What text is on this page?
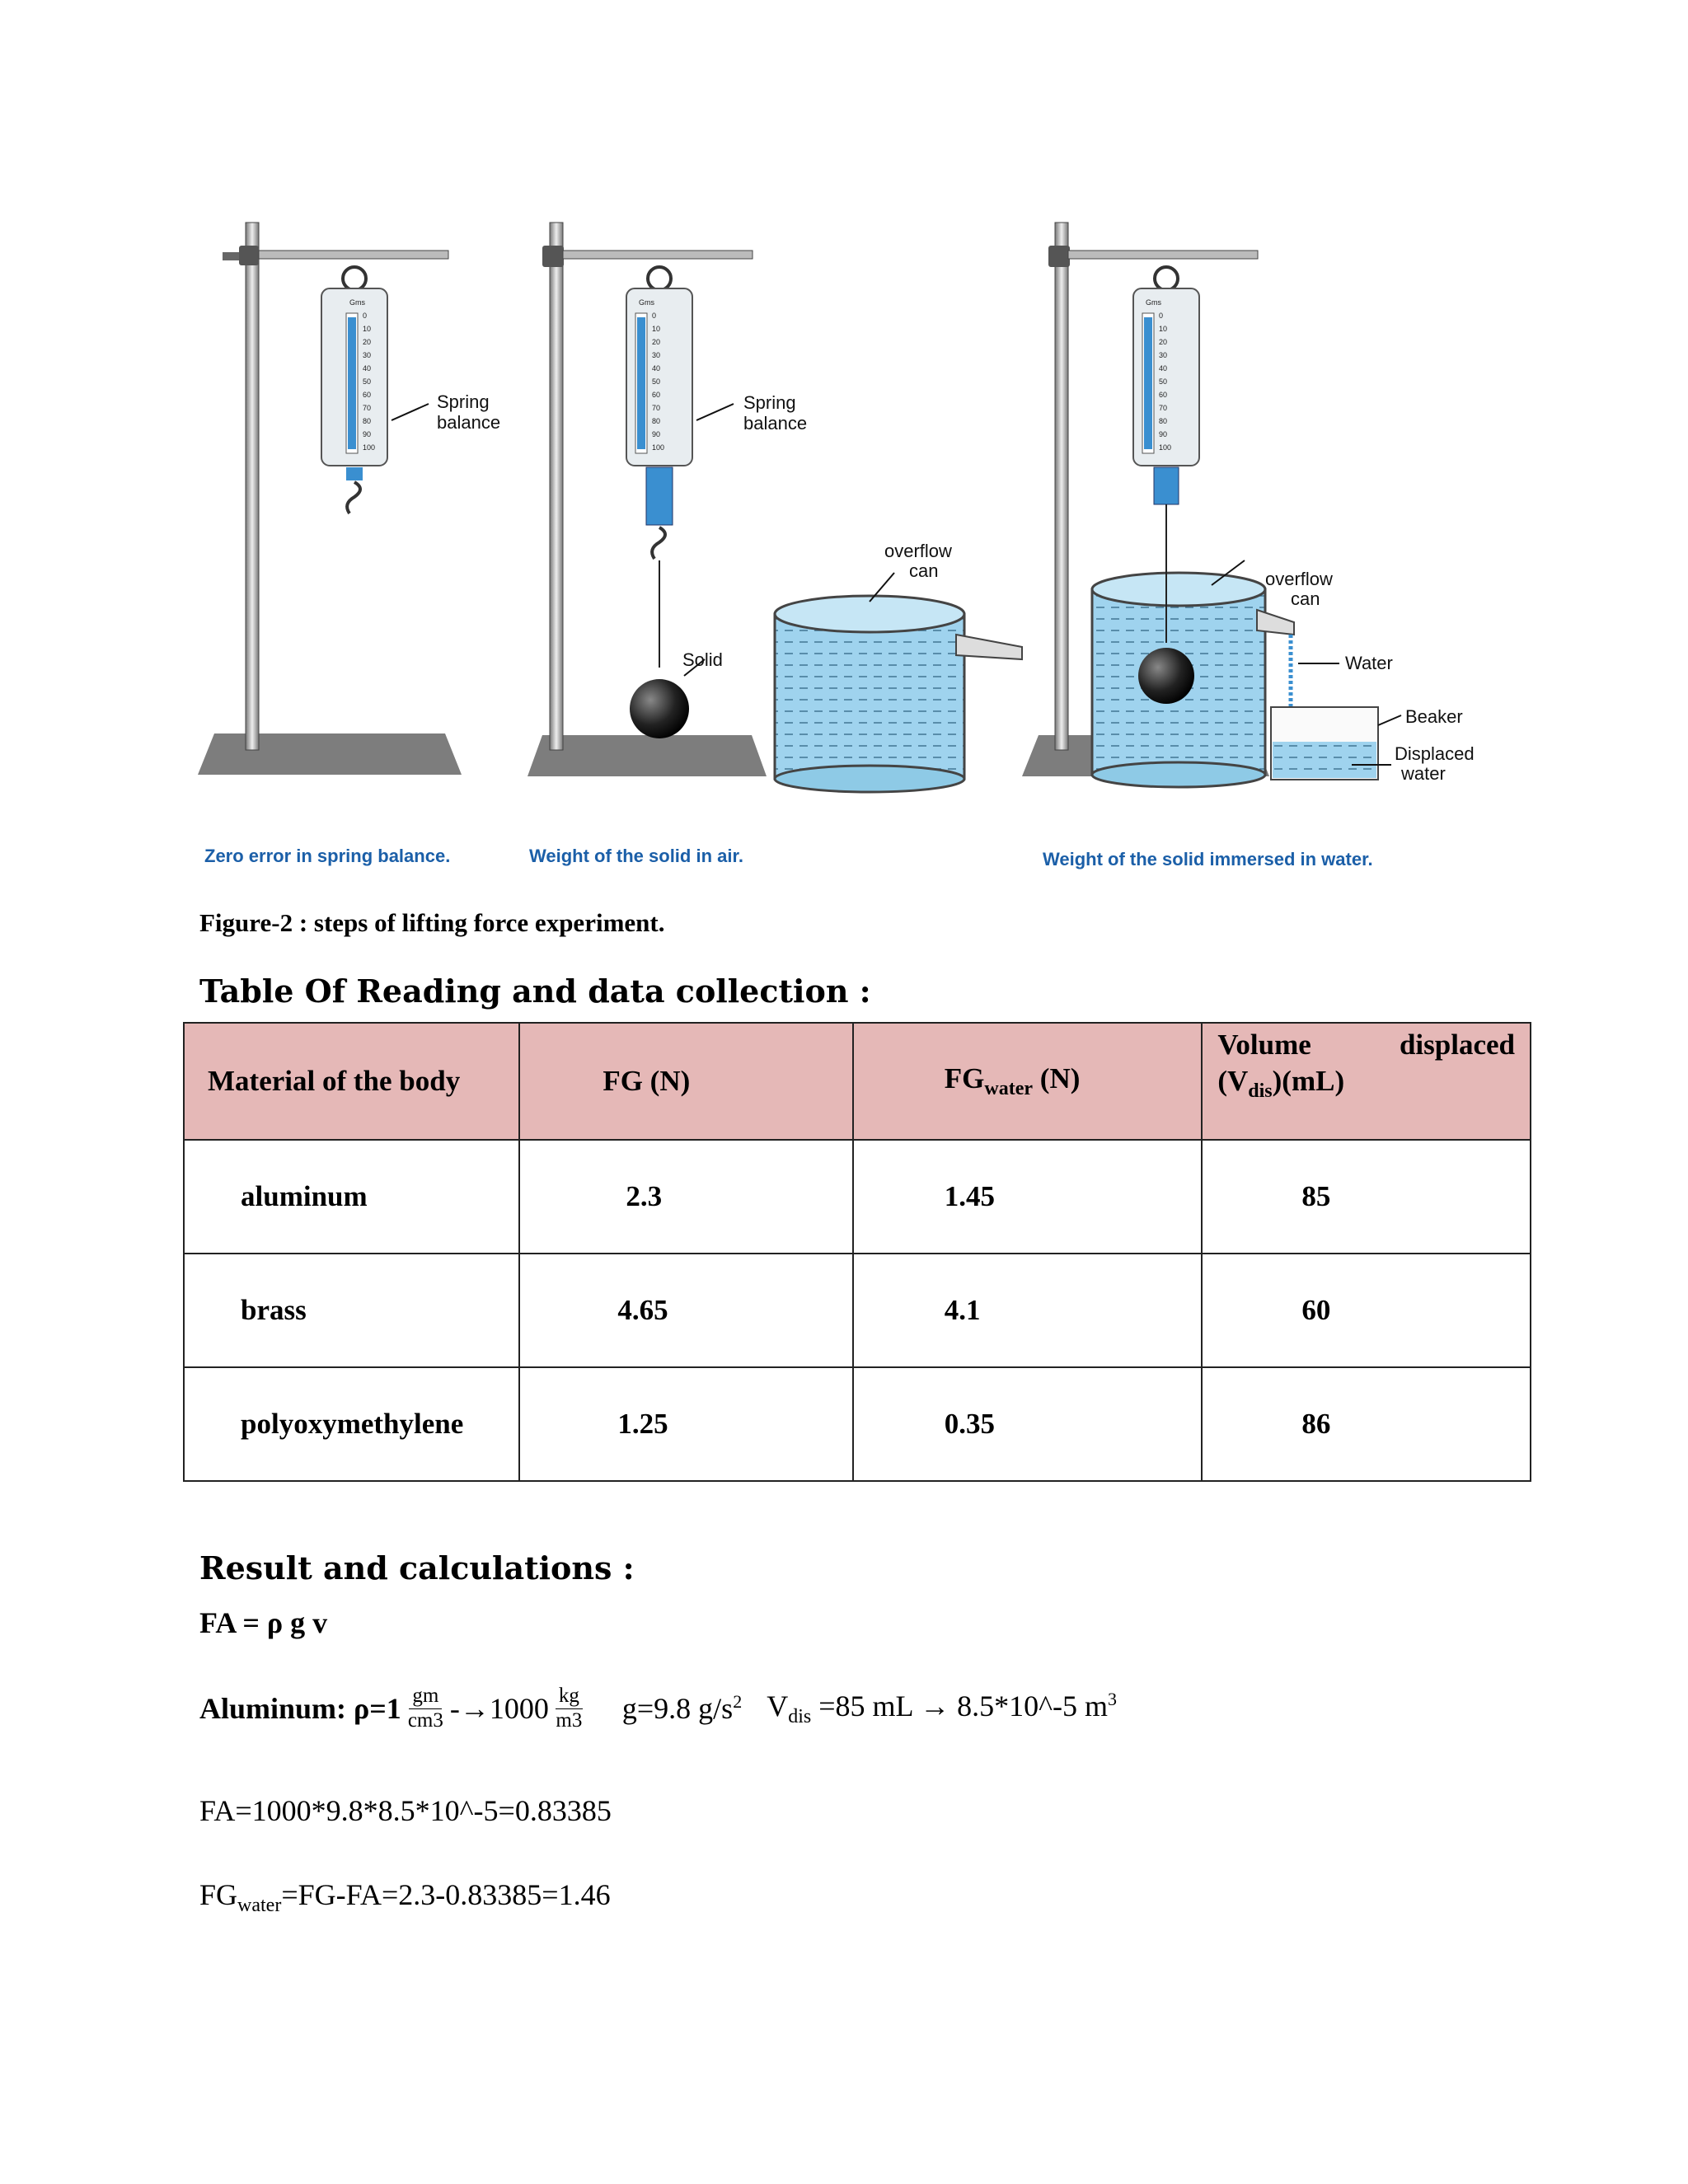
Spring
balance
Zero error in spring balance.
Spring
balance
Solid
Weight of the solid in air.
overflow
can	overflow
can
Water
Beaker
Displaced
water
Weight of the solid immersed in water.
Gms
0
10
20
30
40
50
60
70
80
90
100
Gms
0
10
20
30
40
50
60
70
80
90
100
Gms
0
10
20
30
40
50
60
70
80
90
100
Figure-2 : steps of lifting force experiment.
Table Of Reading and data collection :
Material of the body	FG (N)	$FG_{water}$ (N)	Volume displaced
$(V_{dis})(mL)$

aluminum	2.3	1.45	85
brass	4.65	4.1	60
polyoxymethylene	1.25	0.35	86
Result and calculations :
FA = ρ g v
Aluminum: $\rho=1 \frac{gm}{cm3} -\to 1000 \frac{kg}{m3} g=9.8$ $g/s^2$ $V_{dis} =85$ mL → 8.5*10^-5 $m^3$
FA=1000*9.8*8.5*10^-5=0.83385
$FG_{water}=FG-FA=2.3-0.83385=1.46$
